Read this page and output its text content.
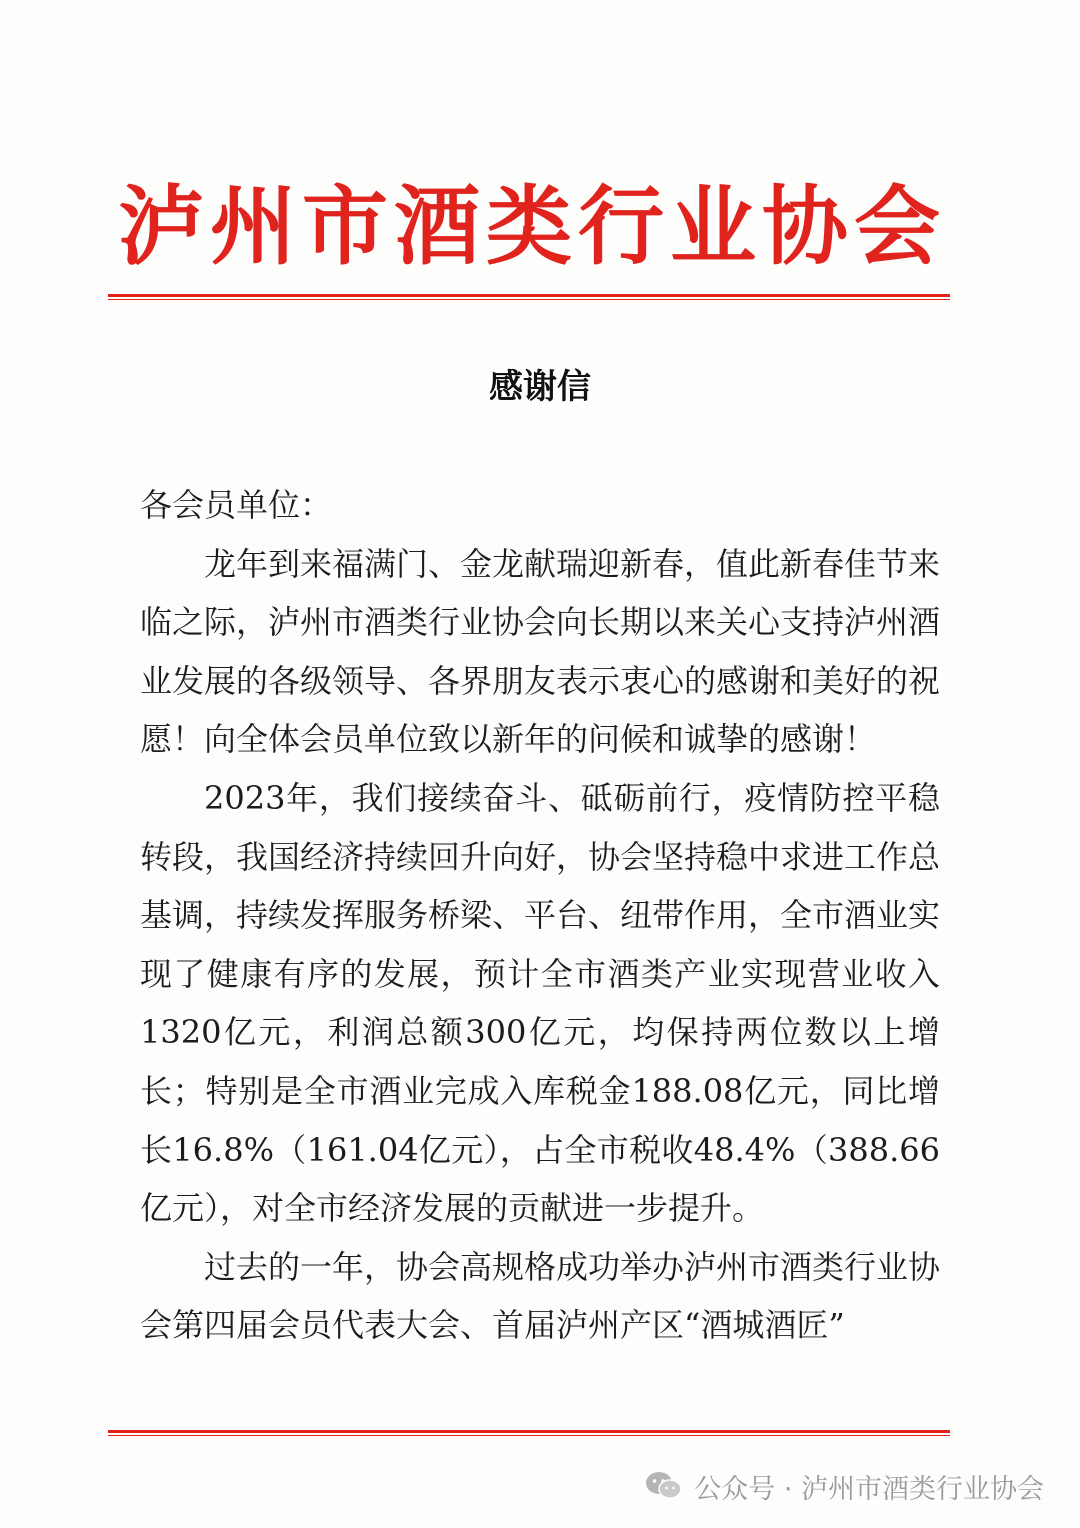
泸州市酒类行业协会
感谢信

各会员单位：

龙年到来福满门、金龙献瑞迎新春，值此新春佳节来临之际，泸州市酒类行业协会向长期以来关心支持泸州酒业发展的各级领导、各界朋友表示衷心的感谢和美好的祝愿！向全体会员单位致以新年的问候和诚挚的感谢！

2023年，我们接续奋斗、砥砺前行，疫情防控平稳转段，我国经济持续回升向好，协会坚持稳中求进工作总基调，持续发挥服务桥梁、平台、纽带作用，全市酒业实现了健康有序的发展，预计全市酒类产业实现营业收入1320亿元，利润总额300亿元，均保持两位数以上增长；特别是全市酒业完成入库税金188.08亿元，同比增长16.8%（161.04亿元），占全市税收48.4%（388.66亿元），对全市经济发展的贡献进一步提升。

过去的一年，协会高规格成功举办泸州市酒类行业协会第四届会员代表大会、首届泸州产区“酒城酒匠”

公众号 · 泸州市酒类行业协会
